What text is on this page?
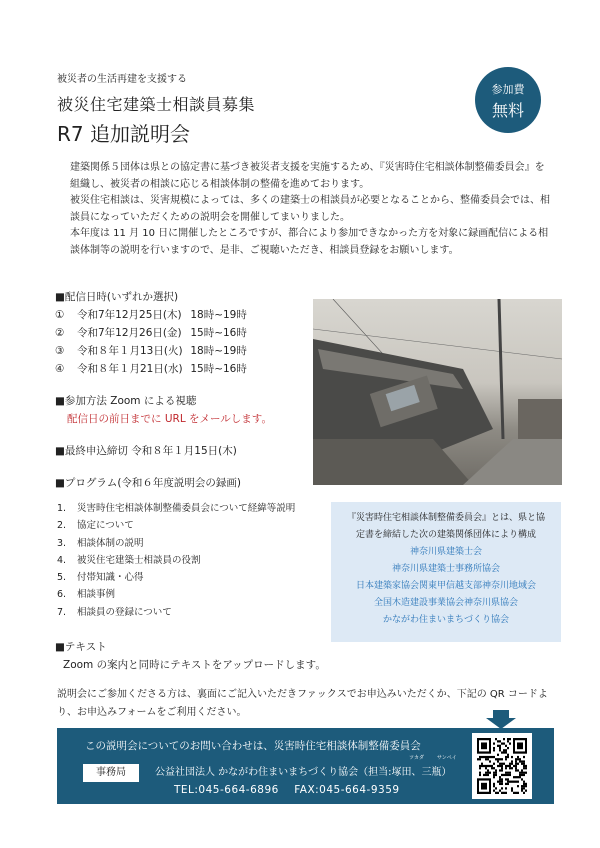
被災者の生活再建を支援する
被災住宅建築士相談員募集
R7 追加説明会
参加費
無料

建築関係５団体は県との協定書に基づき被災者支援を実施するため、『災害時住宅相談体制整備委員会』を組織し、被災者の相談に応じる相談体制の整備を進めております。

被災住宅相談は、災害規模によっては、多くの建築士の相談員が必要となることから、整備委員会では、相談員になっていただくための説明会を開催してまいりました。

本年度は 11 月 10 日に開催したところですが、都合により参加できなかった方を対象に録画配信による相談体制等の説明を行いますので、是非、ご視聴いただき、相談員登録をお願いします。

■配信日時(いずれか選択)
① 令和7年12月25日(木) 18時~19時
② 令和7年12月26日(金) 15時~16時
③ 令和８年１月13日(火) 18時~19時
④ 令和８年１月21日(水) 15時~16時
■参加方法 Zoom による視聴
配信日の前日までに URL をメールします。
■最終申込締切 令和８年１月15日(木)
■プログラム(令和６年度説明会の録画)
1. 災害時住宅相談体制整備委員会について経緯等説明
2. 協定について
3. 相談体制の説明
4. 被災住宅建築士相談員の役割
5. 付帯知識・心得
6. 相談事例
7. 相談員の登録について
『災害時住宅相談体制整備委員会』とは、県と協
定書を締結した次の建築関係団体により構成
神奈川県建築士会
神奈川県建築士事務所協会
日本建築家協会関東甲信越支部神奈川地域会
全国木造建設事業協会神奈川県協会
かながわ住まいまちづくり協会
■テキスト
Zoom の案内と同時にテキストをアップロードします。
説明会にご参加くださる方は、裏面にご記入いただきファックスでお申込みいただくか、下記の QR コードより、お申込みフォームをご利用ください。
この説明会についてのお問い合わせは、災害時住宅相談体制整備委員会
事務局
ツカダ	サンペイ
公益社団法人 かながわ住まいまちづくり協会（担当:塚田、三瓶）
TEL:045-664-6896 FAX:045-664-9359
